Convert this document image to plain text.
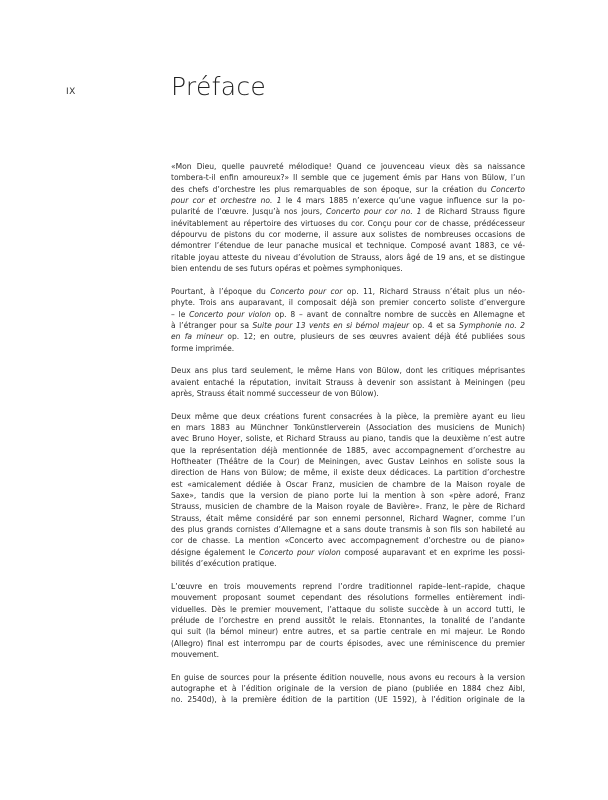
IX	Préface
«Mon Dieu, quelle pauvreté mélodique! Quand ce jouvenceau vieux dès sa naissance
tombera-t-il enfin amoureux?» Il semble que ce jugement émis par Hans von Bülow, l’un
des chefs d’orchestre les plus remarquables de son époque, sur la création du Concerto
pour cor et orchestre no. 1 le 4 mars 1885 n’exerce qu’une vague influence sur la po-
pularité de l’œuvre. Jusqu’à nos jours, Concerto pour cor no. 1 de Richard Strauss figure
inévitablement au répertoire des virtuoses du cor. Conçu pour cor de chasse, prédécesseur
dépourvu de pistons du cor moderne, il assure aux solistes de nombreuses occasions de
démontrer l’étendue de leur panache musical et technique. Composé avant 1883, ce vé-
ritable joyau atteste du niveau d’évolution de Strauss, alors âgé de 19 ans, et se distingue
bien entendu de ses futurs opéras et poèmes symphoniques.
Pourtant, à l’époque du Concerto pour cor op. 11, Richard Strauss n’était plus un néo-
phyte. Trois ans auparavant, il composait déjà son premier concerto soliste d’envergure
– le Concerto pour violon op. 8 – avant de connaître nombre de succès en Allemagne et
à l’étranger pour sa Suite pour 13 vents en si bémol majeur op. 4 et sa Symphonie no. 2
en fa mineur op. 12; en outre, plusieurs de ses œuvres avaient déjà été publiées sous
forme imprimée.
Deux ans plus tard seulement, le même Hans von Bülow, dont les critiques méprisantes
avaient entaché la réputation, invitait Strauss à devenir son assistant à Meiningen (peu
après, Strauss était nommé successeur de von Bülow).
Deux même que deux créations furent consacrées à la pièce, la première ayant eu lieu
en mars 1883 au Münchner Tonkünstlerverein (Association des musiciens de Munich)
avec Bruno Hoyer, soliste, et Richard Strauss au piano, tandis que la deuxième n’est autre
que la représentation déjà mentionnée de 1885, avec accompagnement d’orchestre au
Hoftheater (Théâtre de la Cour) de Meiningen, avec Gustav Leinhos en soliste sous la
direction de Hans von Bülow; de même, il existe deux dédicaces. La partition d’orchestre
est «amicalement dédiée à Oscar Franz, musicien de chambre de la Maison royale de
Saxe», tandis que la version de piano porte lui la mention à son «père adoré, Franz
Strauss, musicien de chambre de la Maison royale de Bavière». Franz, le père de Richard
Strauss, était même considéré par son ennemi personnel, Richard Wagner, comme l’un
des plus grands cornistes d’Allemagne et a sans doute transmis à son fils son habileté au
cor de chasse. La mention «Concerto avec accompagnement d’orchestre ou de piano»
désigne également le Concerto pour violon composé auparavant et en exprime les possi-
bilités d’exécution pratique.
L’œuvre en trois mouvements reprend l’ordre traditionnel rapide–lent–rapide, chaque
mouvement proposant soumet cependant des résolutions formelles entièrement indi-
viduelles. Dès le premier mouvement, l’attaque du soliste succède à un accord tutti, le
prélude de l’orchestre en prend aussitôt le relais. Etonnantes, la tonalité de l’andante
qui suit (la bémol mineur) entre autres, et sa partie centrale en mi majeur. Le Rondo
(Allegro) final est interrompu par de courts épisodes, avec une réminiscence du premier
mouvement.
En guise de sources pour la présente édition nouvelle, nous avons eu recours à la version
autographe et à l’édition originale de la version de piano (publiée en 1884 chez Aibl,
no. 2540d), à la première édition de la partition (UE 1592), à l’édition originale de la
